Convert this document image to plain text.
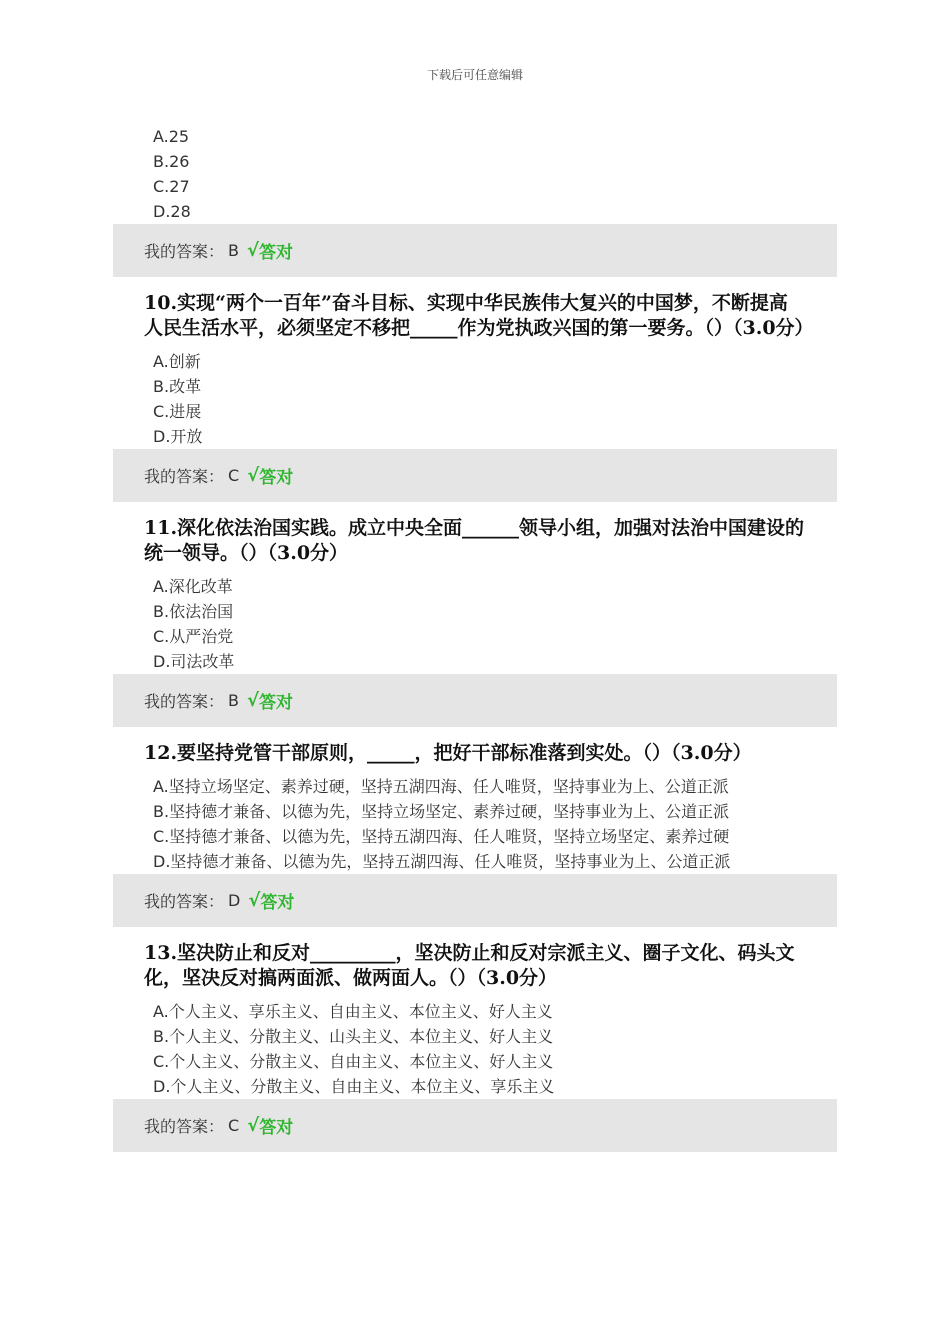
下载后可任意编辑
A.25
B.26
C.27
D.28
我的答案： B √ 答对
10.实现“两个一百年”奋斗目标、实现中华民族伟大复兴的中国梦，不断提高人民生活水平，必须坚定不移把_____作为党执政兴国的第一要务。（）（3.0分）
A.创新
B.改革
C.进展
D.开放
我的答案： C √ 答对
11.深化依法治国实践。成立中央全面______领导小组，加强对法治中国建设的统一领导。（）（3.0分）
A.深化改革
B.依法治国
C.从严治党
D.司法改革
我的答案： B √ 答对
12.要坚持党管干部原则，_____，把好干部标准落到实处。（）（3.0分）
A.坚持立场坚定、素养过硬，坚持五湖四海、任人唯贤，坚持事业为上、公道正派
B.坚持德才兼备、以德为先，坚持立场坚定、素养过硬，坚持事业为上、公道正派
C.坚持德才兼备、以德为先，坚持五湖四海、任人唯贤，坚持立场坚定、素养过硬
D.坚持德才兼备、以德为先，坚持五湖四海、任人唯贤，坚持事业为上、公道正派
我的答案： D √ 答对
13.坚决防止和反对_________，坚决防止和反对宗派主义、圈子文化、码头文化，坚决反对搞两面派、做两面人。（）（3.0分）
A.个人主义、享乐主义、自由主义、本位主义、好人主义
B.个人主义、分散主义、山头主义、本位主义、好人主义
C.个人主义、分散主义、自由主义、本位主义、好人主义
D.个人主义、分散主义、自由主义、本位主义、享乐主义
我的答案： C √ 答对
